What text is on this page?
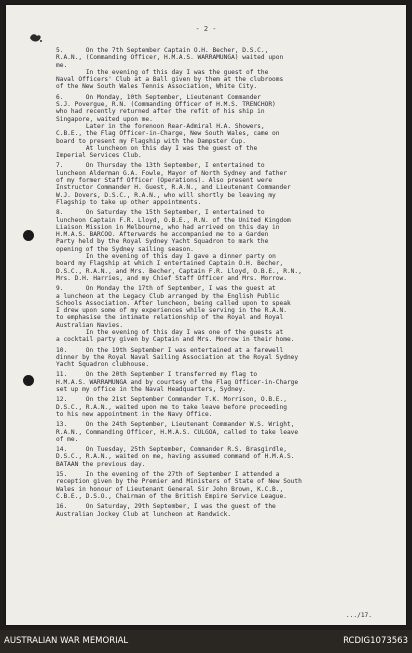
- 2 -

5.      On the 7th September Captain O.H. Becher, D.S.C.,
R.A.N., (Commanding Officer, H.M.A.S. WARRAMUNGA) waited upon
me.
In the evening of this day I was the guest of the
Naval Officers' Club at a Ball given by them at the clubrooms
of the New South Wales Tennis Association, White City.

6.      On Monday, 10th September, Lieutenant Commander
S.J. Povergue, R.N. (Commanding Officer of H.M.S. TRENCHOR)
who had recently returned after the refit of his ship in
Singapore, waited upon me.
Later in the forenoon Rear-Admiral H.A. Showers,
C.B.E., the Flag Officer-in-Charge, New South Wales, came on
board to present my Flagship with the Dampster Cup.
At luncheon on this day I was the guest of the
Imperial Services Club.

7.      On Thursday the 13th September, I entertained to
luncheon Alderman G.A. Fowle, Mayor of North Sydney and father
of my former Staff Officer (Operations). Also present were
Instructor Commander H. Guest, R.A.N., and Lieutenant Commander
W.J. Dovers, D.S.C., R.A.N., who will shortly be leaving my
Flagship to take up other appointments.

8.      On Saturday the 15th September, I entertained to
luncheon Captain F.R. Lloyd, O.B.E., R.N. of the United Kingdom
Liaison Mission in Melbourne, who had arrived on this day in
H.M.A.S. BARCOO. Afterwards he accompanied me to a Garden
Party held by the Royal Sydney Yacht Squadron to mark the
opening of the Sydney sailing season.
In the evening of this day I gave a dinner party on
board my Flagship at which I entertained Captain O.H. Becher,
D.S.C., R.A.N., and Mrs. Becher, Captain F.R. Lloyd, O.B.E., R.N.,
Mrs. D.H. Harries, and my Chief Staff Officer and Mrs. Morrow.

9.      On Monday the 17th of September, I was the guest at
a luncheon at the Legacy Club arranged by the English Public
Schools Association. After luncheon, being called upon to speak
I drew upon some of my experiences while serving in the R.A.N.
to emphasise the intimate relationship of the Royal and Royal
Australian Navies.
In the evening of this day I was one of the guests at
a cocktail party given by Captain and Mrs. Morrow in their home.

10.     On the 19th September I was entertained at a farewell
dinner by the Royal Naval Sailing Association at the Royal Sydney
Yacht Squadron clubhouse.

11.     On the 20th September I transferred my flag to
H.M.A.S. WARRAMUNGA and by courtesy of the Flag Officer-in-Charge
set up my office in the Naval Headquarters, Sydney.

12.     On the 21st September Commander T.K. Morrison, O.B.E.,
D.S.C., R.A.N., waited upon me to take leave before proceeding
to his new appointment in the Navy Office.

13.     On the 24th September, Lieutenant Commander W.S. Wright,
R.A.N., Commanding Officer, H.M.A.S. CULGOA, called to take leave
of me.

14.     On Tuesday, 25th September, Commander R.S. Brasgirdle,
D.S.C., R.A.N., waited on me, having assumed command of H.M.A.S.
BATAAN the previous day.

15.     In the evening of the 27th of September I attended a
reception given by the Premier and Ministers of State of New South
Wales in honour of Lieutenant General Sir John Brown, K.C.B.,
C.B.E., D.S.O., Chairman of the British Empire Service League.

16.     On Saturday, 29th September, I was the guest of the
Australian Jockey Club at luncheon at Randwick.

.../17.
AUSTRALIAN WAR MEMORIAL	RCDIG1073563
